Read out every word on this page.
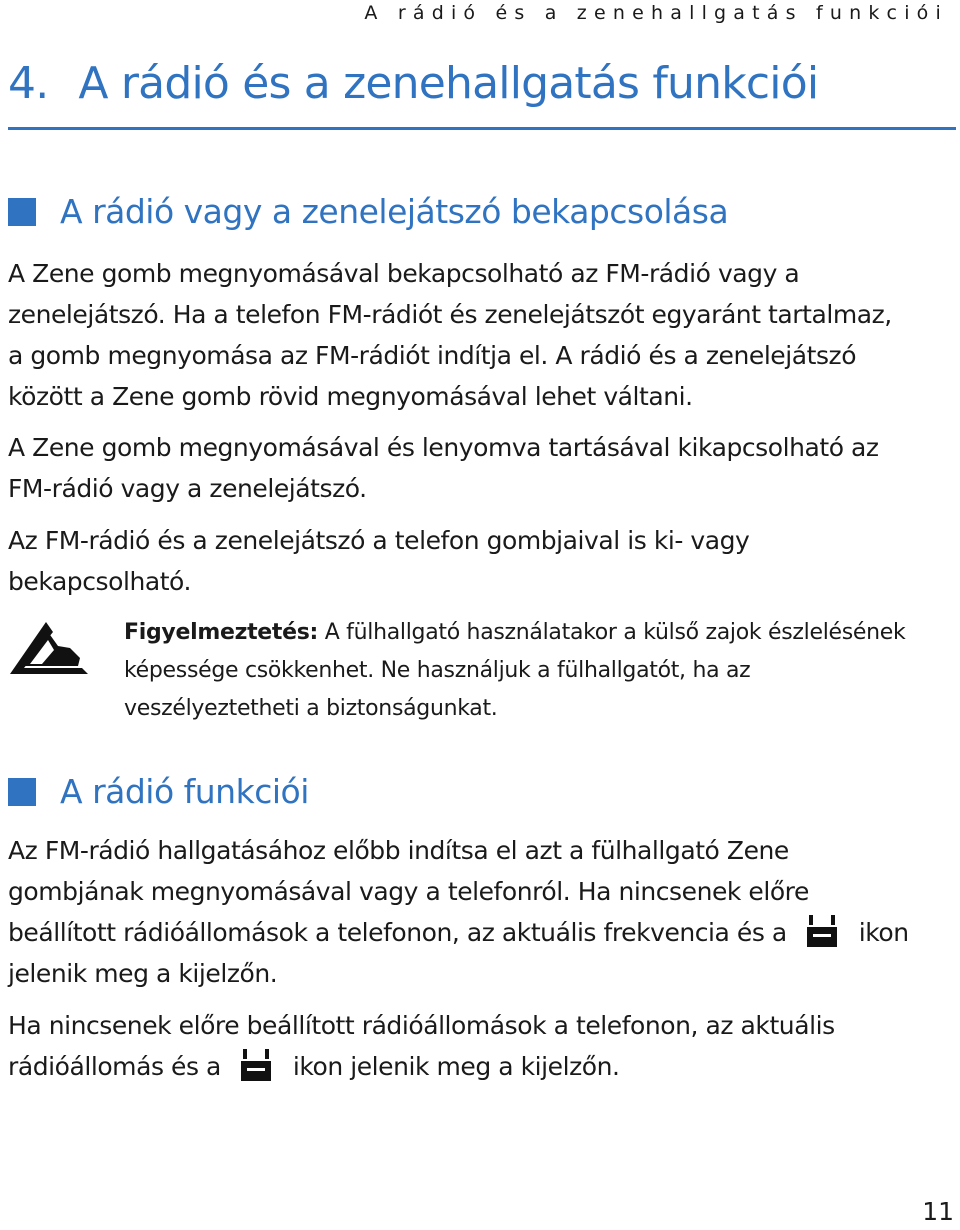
A rádió és a zenehallgatás funkciói
4. A rádió és a zenehallgatás funkciói
A rádió vagy a zenelejátszó bekapcsolása

A Zene gomb megnyomásával bekapcsolható az FM-rádió vagy a
zenelejátszó. Ha a telefon FM-rádiót és zenelejátszót egyaránt tartalmaz,
a gomb megnyomása az FM-rádiót indítja el. A rádió és a zenelejátszó
között a Zene gomb rövid megnyomásával lehet váltani.

A Zene gomb megnyomásával és lenyomva tartásával kikapcsolható az
FM-rádió vagy a zenelejátszó.

Az FM-rádió és a zenelejátszó a telefon gombjaival is ki- vagy
bekapcsolható.

Figyelmeztetés: A fülhallgató használatakor a külső zajok észlelésének
képessége csökkenhet. Ne használjuk a fülhallgatót, ha az
veszélyeztetheti a biztonságunkat.

A rádió funkciói

Az FM-rádió hallgatásához előbb indítsa el azt a fülhallgató Zene
gombjának megnyomásával vagy a telefonról. Ha nincsenek előre
beállított rádióállomások a telefonon, az aktuális frekvencia és a	ikon
jelenik meg a kijelzőn.

Ha nincsenek előre beállított rádióállomások a telefonon, az aktuális
rádióállomás és a	ikon jelenik meg a kijelzőn.

11
